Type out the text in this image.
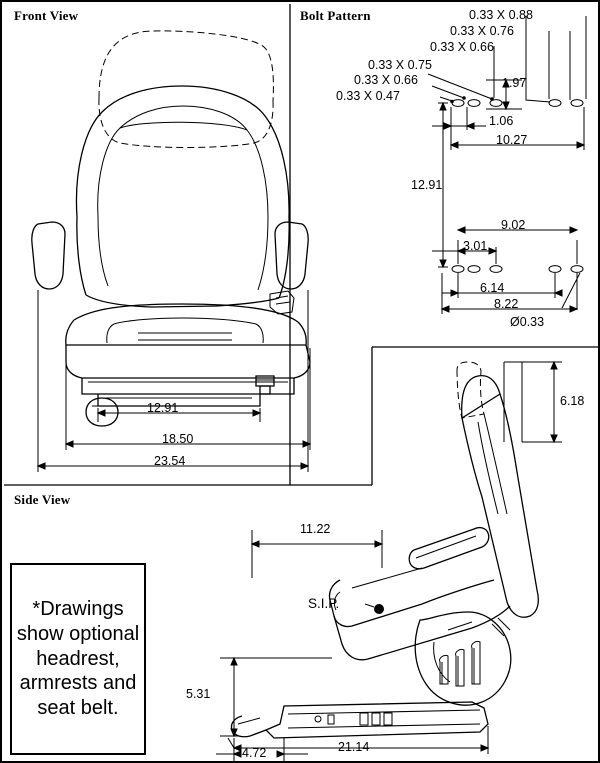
Front View	Bolt Pattern
Side View
12.91
18.50
23.54
0.33 X 0.88
0.33 X 0.76
0.33 X 0.66
0.33 X 0.75
0.33 X 0.66
0.33 X 0.47
1.97
1.06
10.27
12.91
9.02
3.01
6.14
8.22
Ø0.33
6.18
11.22
5.31
4.72	21.14
S.I.P.
*Drawings show optional headrest, armrests and seat belt.
